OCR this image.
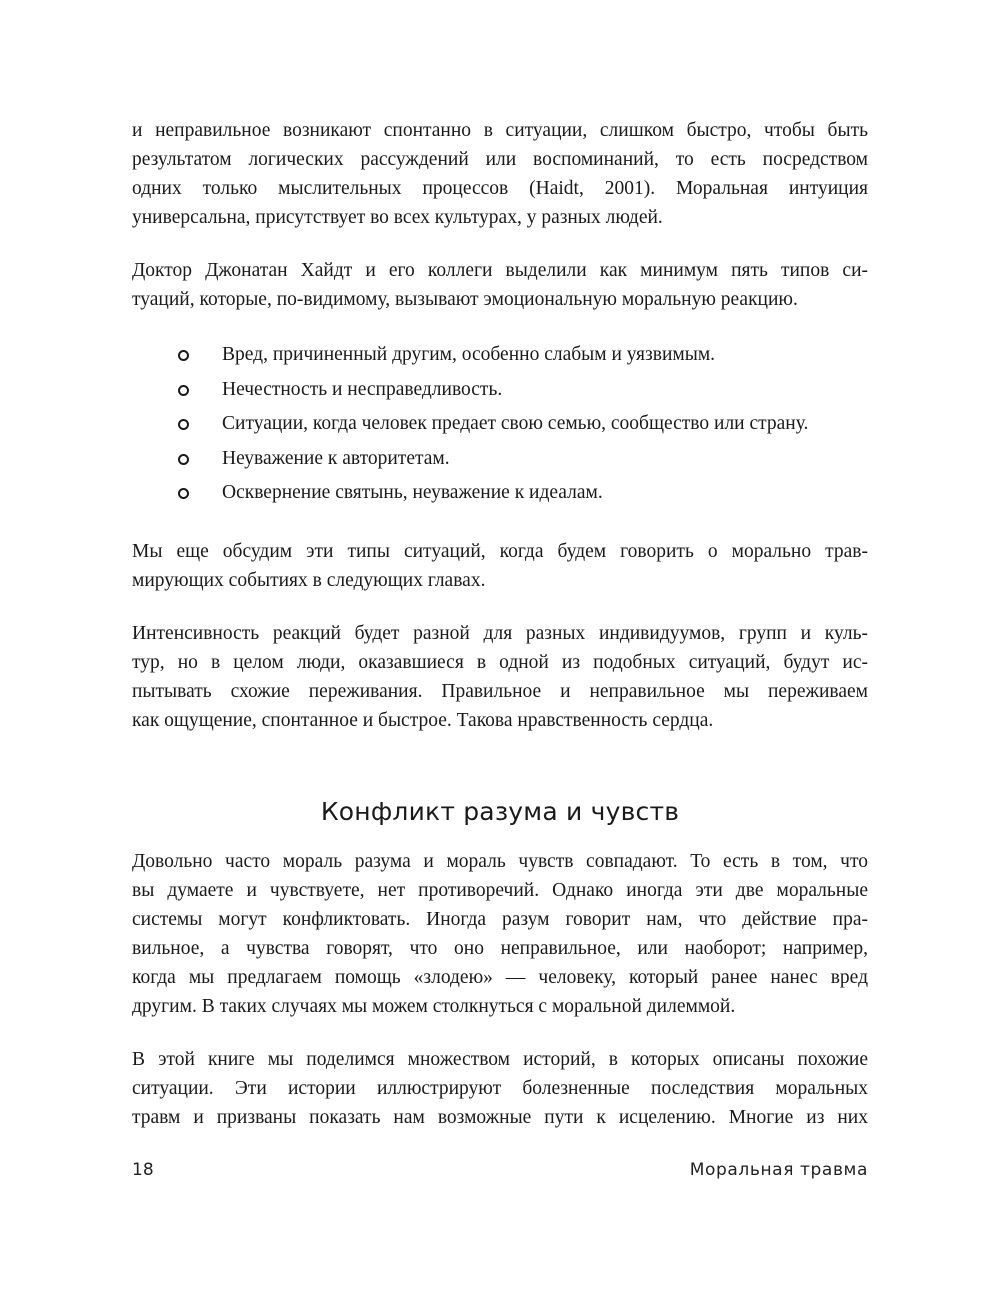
и неправильное возникают спонтанно в ситуации, слишком быстро, чтобы быть
результатом логических рассуждений или воспоминаний, то есть посредством
одних только мыслительных процессов (Haidt, 2001). Моральная интуиция
универсальна, присутствует во всех культурах, у разных людей.

Доктор Джонатан Хайдт и его коллеги выделили как минимум пять типов си-
туаций, которые, по-видимому, вызывают эмоциональную моральную реакцию.

Вред, причиненный другим, особенно слабым и уязвимым.
Нечестность и несправедливость.
Ситуации, когда человек предает свою семью, сообщество или страну.
Неуважение к авторитетам.
Осквернение святынь, неуважение к идеалам.

Мы еще обсудим эти типы ситуаций, когда будем говорить о морально трав-
мирующих событиях в следующих главах.

Интенсивность реакций будет разной для разных индивидуумов, групп и куль-
тур, но в целом люди, оказавшиеся в одной из подобных ситуаций, будут ис-
пытывать схожие переживания. Правильное и неправильное мы переживаем
как ощущение, спонтанное и быстрое. Такова нравственность сердца.

Конфликт разума и чувств

Довольно часто мораль разума и мораль чувств совпадают. То есть в том, что
вы думаете и чувствуете, нет противоречий. Однако иногда эти две моральные
системы могут конфликтовать. Иногда разум говорит нам, что действие пра-
вильное, а чувства говорят, что оно неправильное, или наоборот; например,
когда мы предлагаем помощь «злодею» — человеку, который ранее нанес вред
другим. В таких случаях мы можем столкнуться с моральной дилеммой.

В этой книге мы поделимся множеством историй, в которых описаны похожие
ситуации. Эти истории иллюстрируют болезненные последствия моральных
травм и призваны показать нам возможные пути к исцелению. Многие из них

18	Моральная травма
